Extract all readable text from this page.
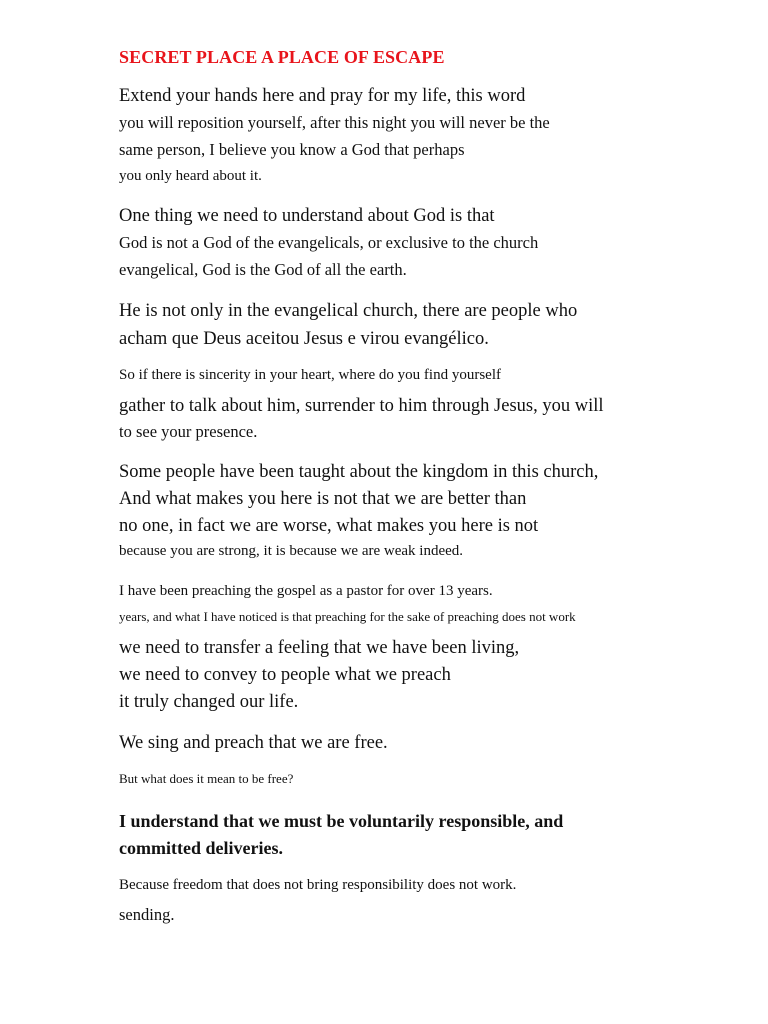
SECRET PLACE A PLACE OF ESCAPE
Extend your hands here and pray for my life, this word
you will reposition yourself, after this night you will never be the
same person, I believe you know a God that perhaps
you only heard about it.
One thing we need to understand about God is that
God is not a God of the evangelicals, or exclusive to the church
evangelical, God is the God of all the earth.
He is not only in the evangelical church, there are people who
acham que Deus aceitou Jesus e virou evangélico.
So if there is sincerity in your heart, where do you find yourself
gather to talk about him, surrender to him through Jesus, you will
to see your presence.
Some people have been taught about the kingdom in this church,
And what makes you here is not that we are better than
no one, in fact we are worse, what makes you here is not
because you are strong, it is because we are weak indeed.
I have been preaching the gospel as a pastor for over 13 years.
years, and what I have noticed is that preaching for the sake of preaching does not work
we need to transfer a feeling that we have been living,
we need to convey to people what we preach
it truly changed our life.
We sing and preach that we are free.
But what does it mean to be free?
I understand that we must be voluntarily responsible, and
committed deliveries.
Because freedom that does not bring responsibility does not work.
sending.
